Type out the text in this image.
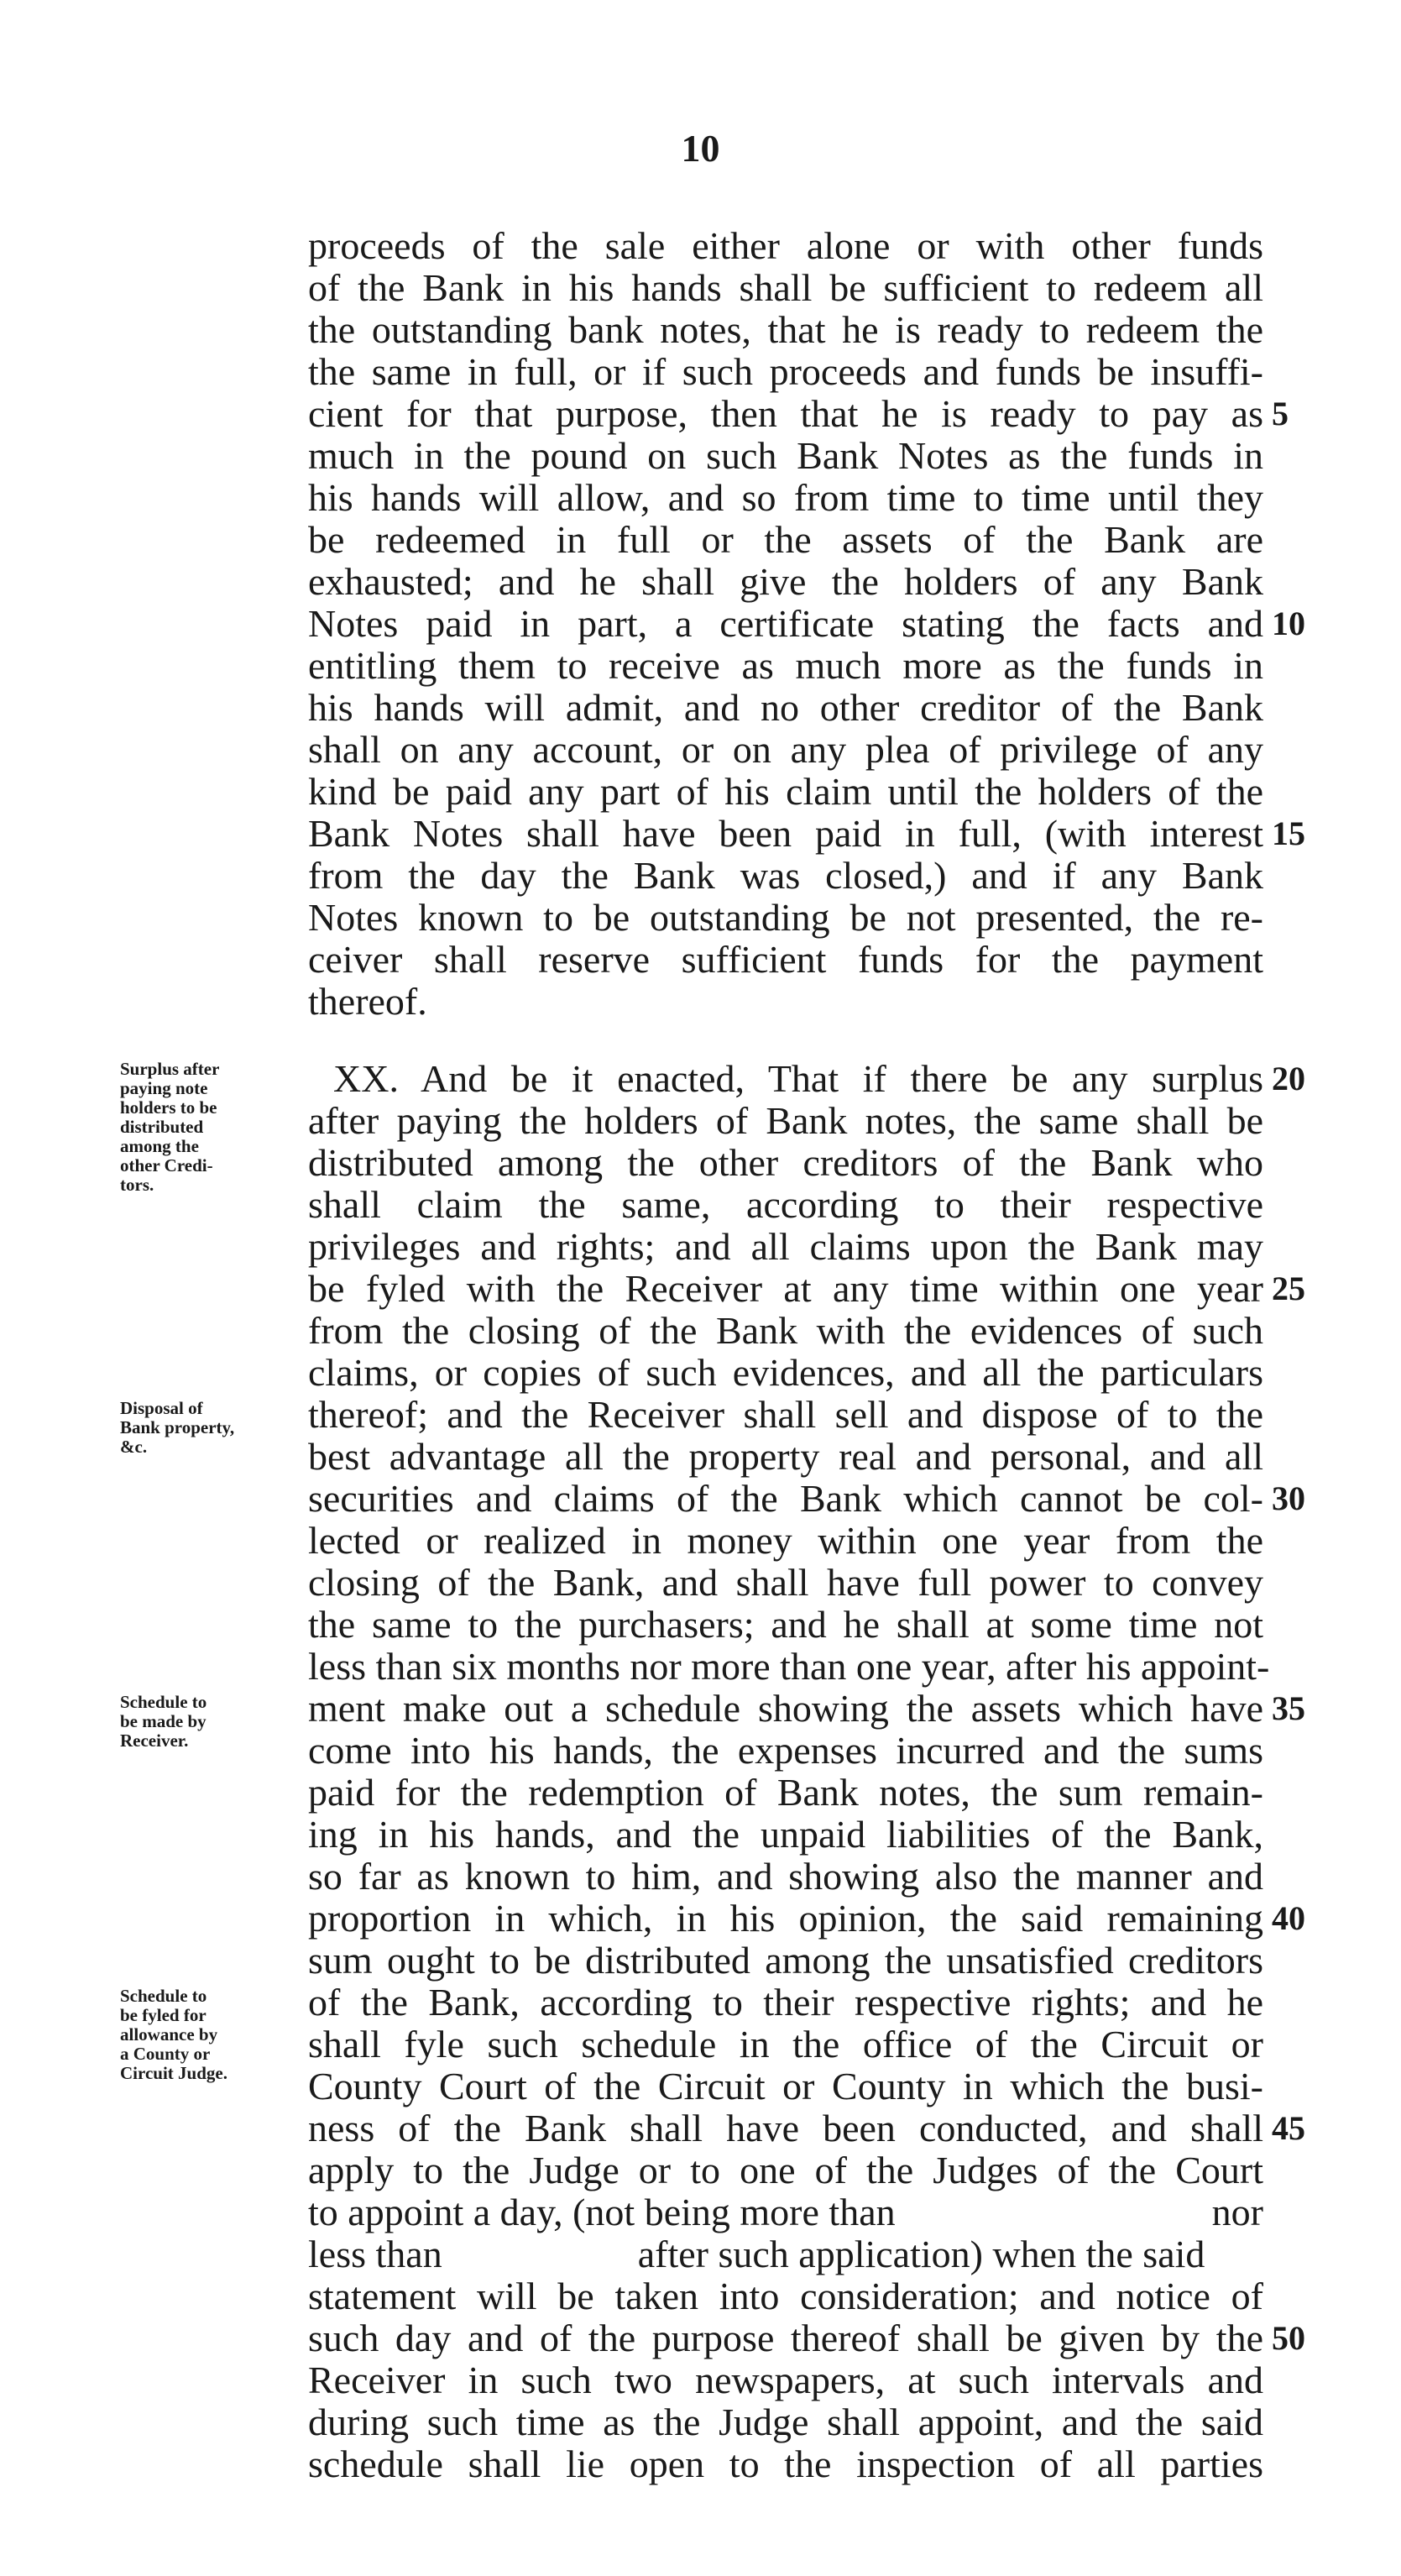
10
proceeds of the sale either alone or with other funds
of the Bank in his hands shall be sufficient to redeem all
the outstanding bank notes, that he is ready to redeem the
the same in full, or if such proceeds and funds be insuffi-
cient for that purpose, then that he is ready to pay as
much in the pound on such Bank Notes as the funds in
his hands will allow, and so from time to time until they
be redeemed in full or the assets of the Bank are
exhausted; and he shall give the holders of any Bank
Notes paid in part, a certificate stating the facts and
entitling them to receive as much more as the funds in
his hands will admit, and no other creditor of the Bank
shall on any account, or on any plea of privilege of any
kind be paid any part of his claim until the holders of the
Bank Notes shall have been paid in full, (with interest
from the day the Bank was closed,) and if any Bank
Notes known to be outstanding be not presented, the re-
ceiver shall reserve sufficient funds for the payment
thereof.
XX. And be it enacted, That if there be any surplus
after paying the holders of Bank notes, the same shall be
distributed among the other creditors of the Bank who
shall claim the same, according to their respective
privileges and rights; and all claims upon the Bank may
be fyled with the Receiver at any time within one year
from the closing of the Bank with the evidences of such
claims, or copies of such evidences, and all the particulars
thereof; and the Receiver shall sell and dispose of to the
best advantage all the property real and personal, and all
securities and claims of the Bank which cannot be col-
lected or realized in money within one year from the
closing of the Bank, and shall have full power to convey
the same to the purchasers; and he shall at some time not
less than six months nor more than one year, after his appoint-
ment make out a schedule showing the assets which have
come into his hands, the expenses incurred and the sums
paid for the redemption of Bank notes, the sum remain-
ing in his hands, and the unpaid liabilities of the Bank,
so far as known to him, and showing also the manner and
proportion in which, in his opinion, the said remaining
sum ought to be distributed among the unsatisfied creditors
of the Bank, according to their respective rights; and he
shall fyle such schedule in the office of the Circuit or
County Court of the Circuit or County in which the busi-
ness of the Bank shall have been conducted, and shall
apply to the Judge or to one of the Judges of the Court
to appoint a day, (not being more than	nor
less than	after such application) when the said
statement will be taken into consideration; and notice of
such day and of the purpose thereof shall be given by the
Receiver in such two newspapers, at such intervals and
during such time as the Judge shall appoint, and the said
schedule shall lie open to the inspection of all parties
5
10
15
20
25
30
35
40
45
50
Surplus after
paying note
holders to be
distributed
among the
other Credi-
tors.
Disposal of
Bank property,
&c.
Schedule to
be made by
Receiver.
Schedule to
be fyled for
allowance by
a County or
Circuit Judge.
